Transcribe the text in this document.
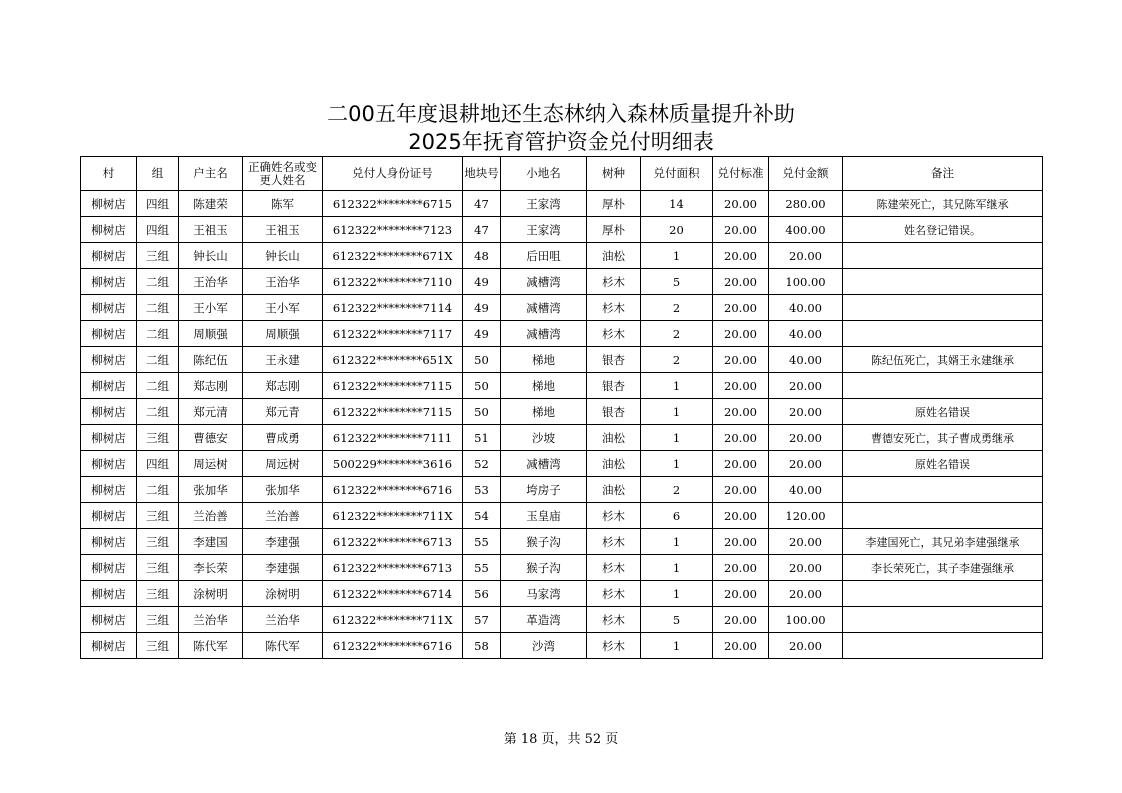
二00五年度退耕地还生态林纳入森林质量提升补助
2025年抚育管护资金兑付明细表
村	组	户主名	正确姓名或变更人姓名	兑付人身份证号	地块号	小地名	树种	兑付面积	兑付标准	兑付金额	备注
柳树店	四组	陈建荣	陈军	612322********6715	47	王家湾	厚朴	14	20.00	280.00	陈建荣死亡，其兄陈军继承
柳树店	四组	王祖玉	王祖玉	612322********7123	47	王家湾	厚朴	20	20.00	400.00	姓名登记错误。
柳树店	三组	钟长山	钟长山	612322********671X	48	后田咀	油松	1	20.00	20.00	
柳树店	二组	王治华	王治华	612322********7110	49	减槽湾	杉木	5	20.00	100.00	
柳树店	二组	王小军	王小军	612322********7114	49	减槽湾	杉木	2	20.00	40.00	
柳树店	二组	周顺强	周顺强	612322********7117	49	减槽湾	杉木	2	20.00	40.00	
柳树店	二组	陈纪伍	王永建	612322********651X	50	梯地	银杏	2	20.00	40.00	陈纪伍死亡，其婿王永建继承
柳树店	二组	郑志刚	郑志刚	612322********7115	50	梯地	银杏	1	20.00	20.00	
柳树店	二组	郑元清	郑元青	612322********7115	50	梯地	银杏	1	20.00	20.00	原姓名错误
柳树店	三组	曹德安	曹成勇	612322********7111	51	沙坡	油松	1	20.00	20.00	曹德安死亡，其子曹成勇继承
柳树店	四组	周运树	周远树	500229********3616	52	减槽湾	油松	1	20.00	20.00	原姓名错误
柳树店	二组	张加华	张加华	612322********6716	53	垮房子	油松	2	20.00	40.00	
柳树店	三组	兰治善	兰治善	612322********711X	54	玉皇庙	杉木	6	20.00	120.00	
柳树店	三组	李建国	李建强	612322********6713	55	猴子沟	杉木	1	20.00	20.00	李建国死亡，其兄弟李建强继承
柳树店	三组	李长荣	李建强	612322********6713	55	猴子沟	杉木	1	20.00	20.00	李长荣死亡，其子李建强继承
柳树店	三组	涂树明	涂树明	612322********6714	56	马家湾	杉木	1	20.00	20.00	
柳树店	三组	兰治华	兰治华	612322********711X	57	革造湾	杉木	5	20.00	100.00	
柳树店	三组	陈代军	陈代军	612322********6716	58	沙湾	杉木	1	20.00	20.00	
第 18 页，共 52 页
